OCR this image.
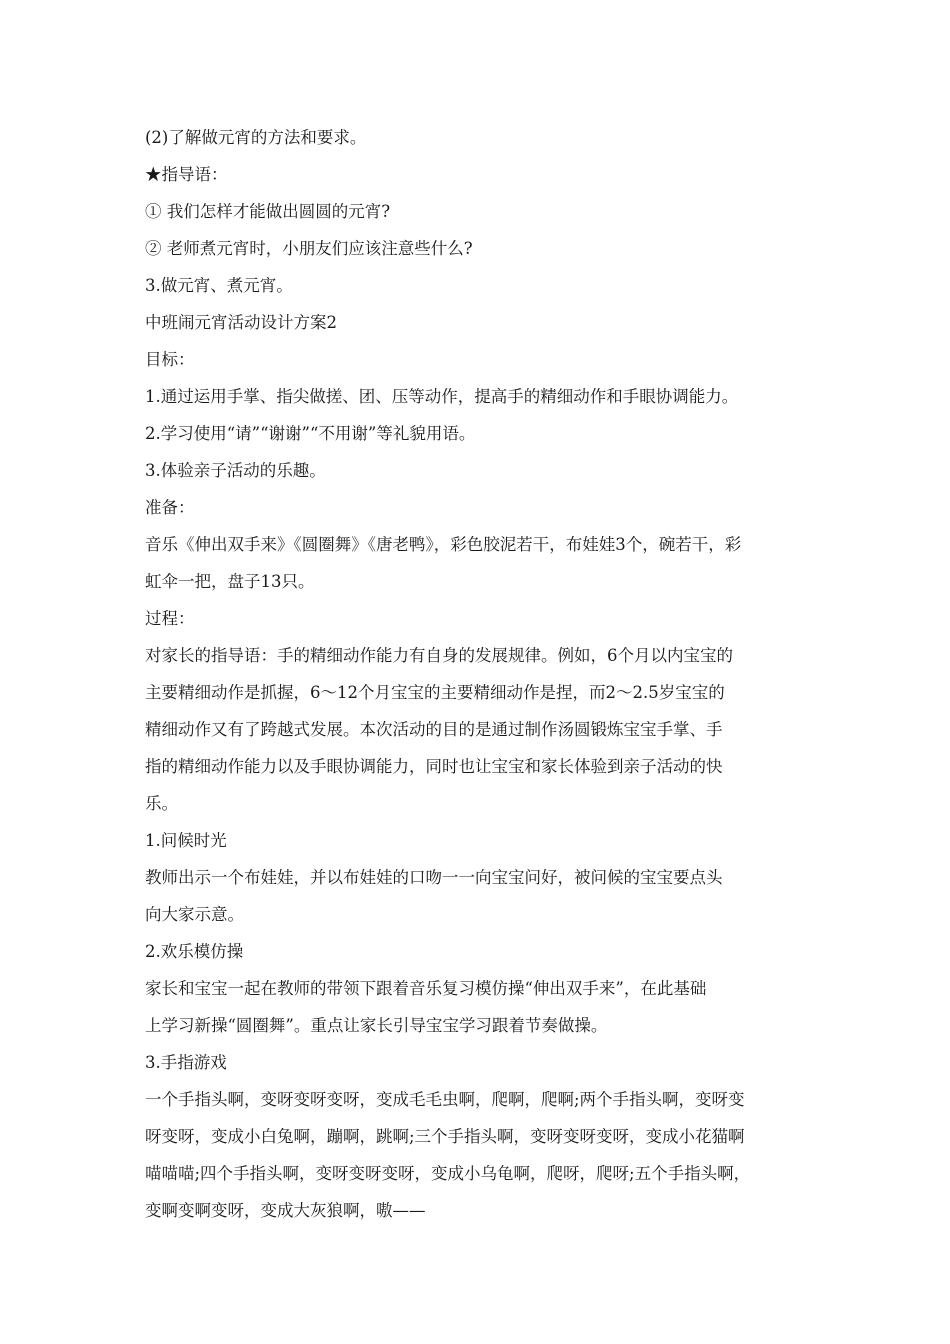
(2)了解做元宵的方法和要求。

★指导语：

① 我们怎样才能做出圆圆的元宵?

② 老师煮元宵时，小朋友们应该注意些什么?

3.做元宵、煮元宵。

中班闹元宵活动设计方案2

目标：

1.通过运用手掌、指尖做搓、团、压等动作，提高手的精细动作和手眼协调能力。

2.学习使用“请”“谢谢”“不用谢”等礼貌用语。

3.体验亲子活动的乐趣。

准备：

音乐《伸出双手来》《圆圈舞》《唐老鸭》，彩色胶泥若干，布娃娃3个，碗若干，彩

虹伞一把，盘子13只。

过程：

对家长的指导语：手的精细动作能力有自身的发展规律。例如，6个月以内宝宝的

主要精细动作是抓握，6～12个月宝宝的主要精细动作是捏，而2～2.5岁宝宝的

精细动作又有了跨越式发展。本次活动的目的是通过制作汤圆锻炼宝宝手掌、手

指的精细动作能力以及手眼协调能力，同时也让宝宝和家长体验到亲子活动的快

乐。

1.问候时光

教师出示一个布娃娃，并以布娃娃的口吻一一向宝宝问好，被问候的宝宝要点头

向大家示意。

2.欢乐模仿操

家长和宝宝一起在教师的带领下跟着音乐复习模仿操“伸出双手来”，在此基础

上学习新操“圆圈舞”。重点让家长引导宝宝学习跟着节奏做操。

3.手指游戏

一个手指头啊，变呀变呀变呀，变成毛毛虫啊，爬啊，爬啊;两个手指头啊，变呀变

呀变呀，变成小白兔啊，蹦啊，跳啊;三个手指头啊，变呀变呀变呀，变成小花猫啊

喵喵喵;四个手指头啊，变呀变呀变呀，变成小乌龟啊，爬呀，爬呀;五个手指头啊，

变啊变啊变呀，变成大灰狼啊，嗷——
